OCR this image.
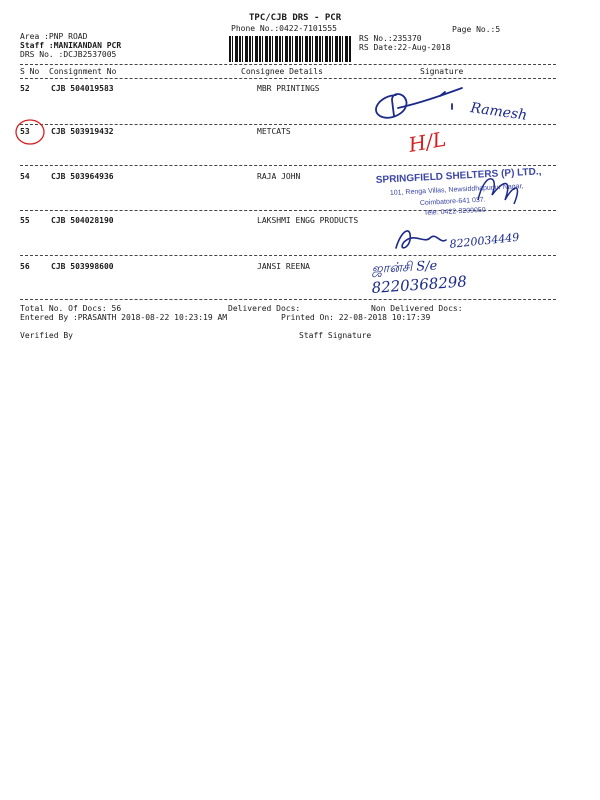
TPC/CJB DRS - PCR
Phone No.:0422-7101555	Page No.:5
Area :PNP ROAD
Staff :MANIKANDAN PCR
DRS No. :DCJB2537005
RS No.:235370
RS Date:22-Aug-2018
S No Consignment No	Consignee Details	Signature
52	CJB 504019583	MBR PRINTINGS
53	CJB 503919432	METCATS
54	CJB 503964936	RAJA JOHN
55	CJB 504028190	LAKSHMI ENGG PRODUCTS
56	CJB 503998600	JANSI REENA
Total No. Of Docs: 56	Delivered Docs:	Non Delivered Docs:
Entered By :PRASANTH 2018-08-22 10:23:19 AM	Printed On: 22-08-2018 10:17:39
Verified By	Staff Signature
Ramesh
H/L
SPRINGFIELD SHELTERS (P) LTD.,
101, Renga Villas, Newsiddhapudur Nagar,
Coimbatore-641 037.
Tele: 0422-3209050
8220034449
ஜான்சி S/e
8220368298
